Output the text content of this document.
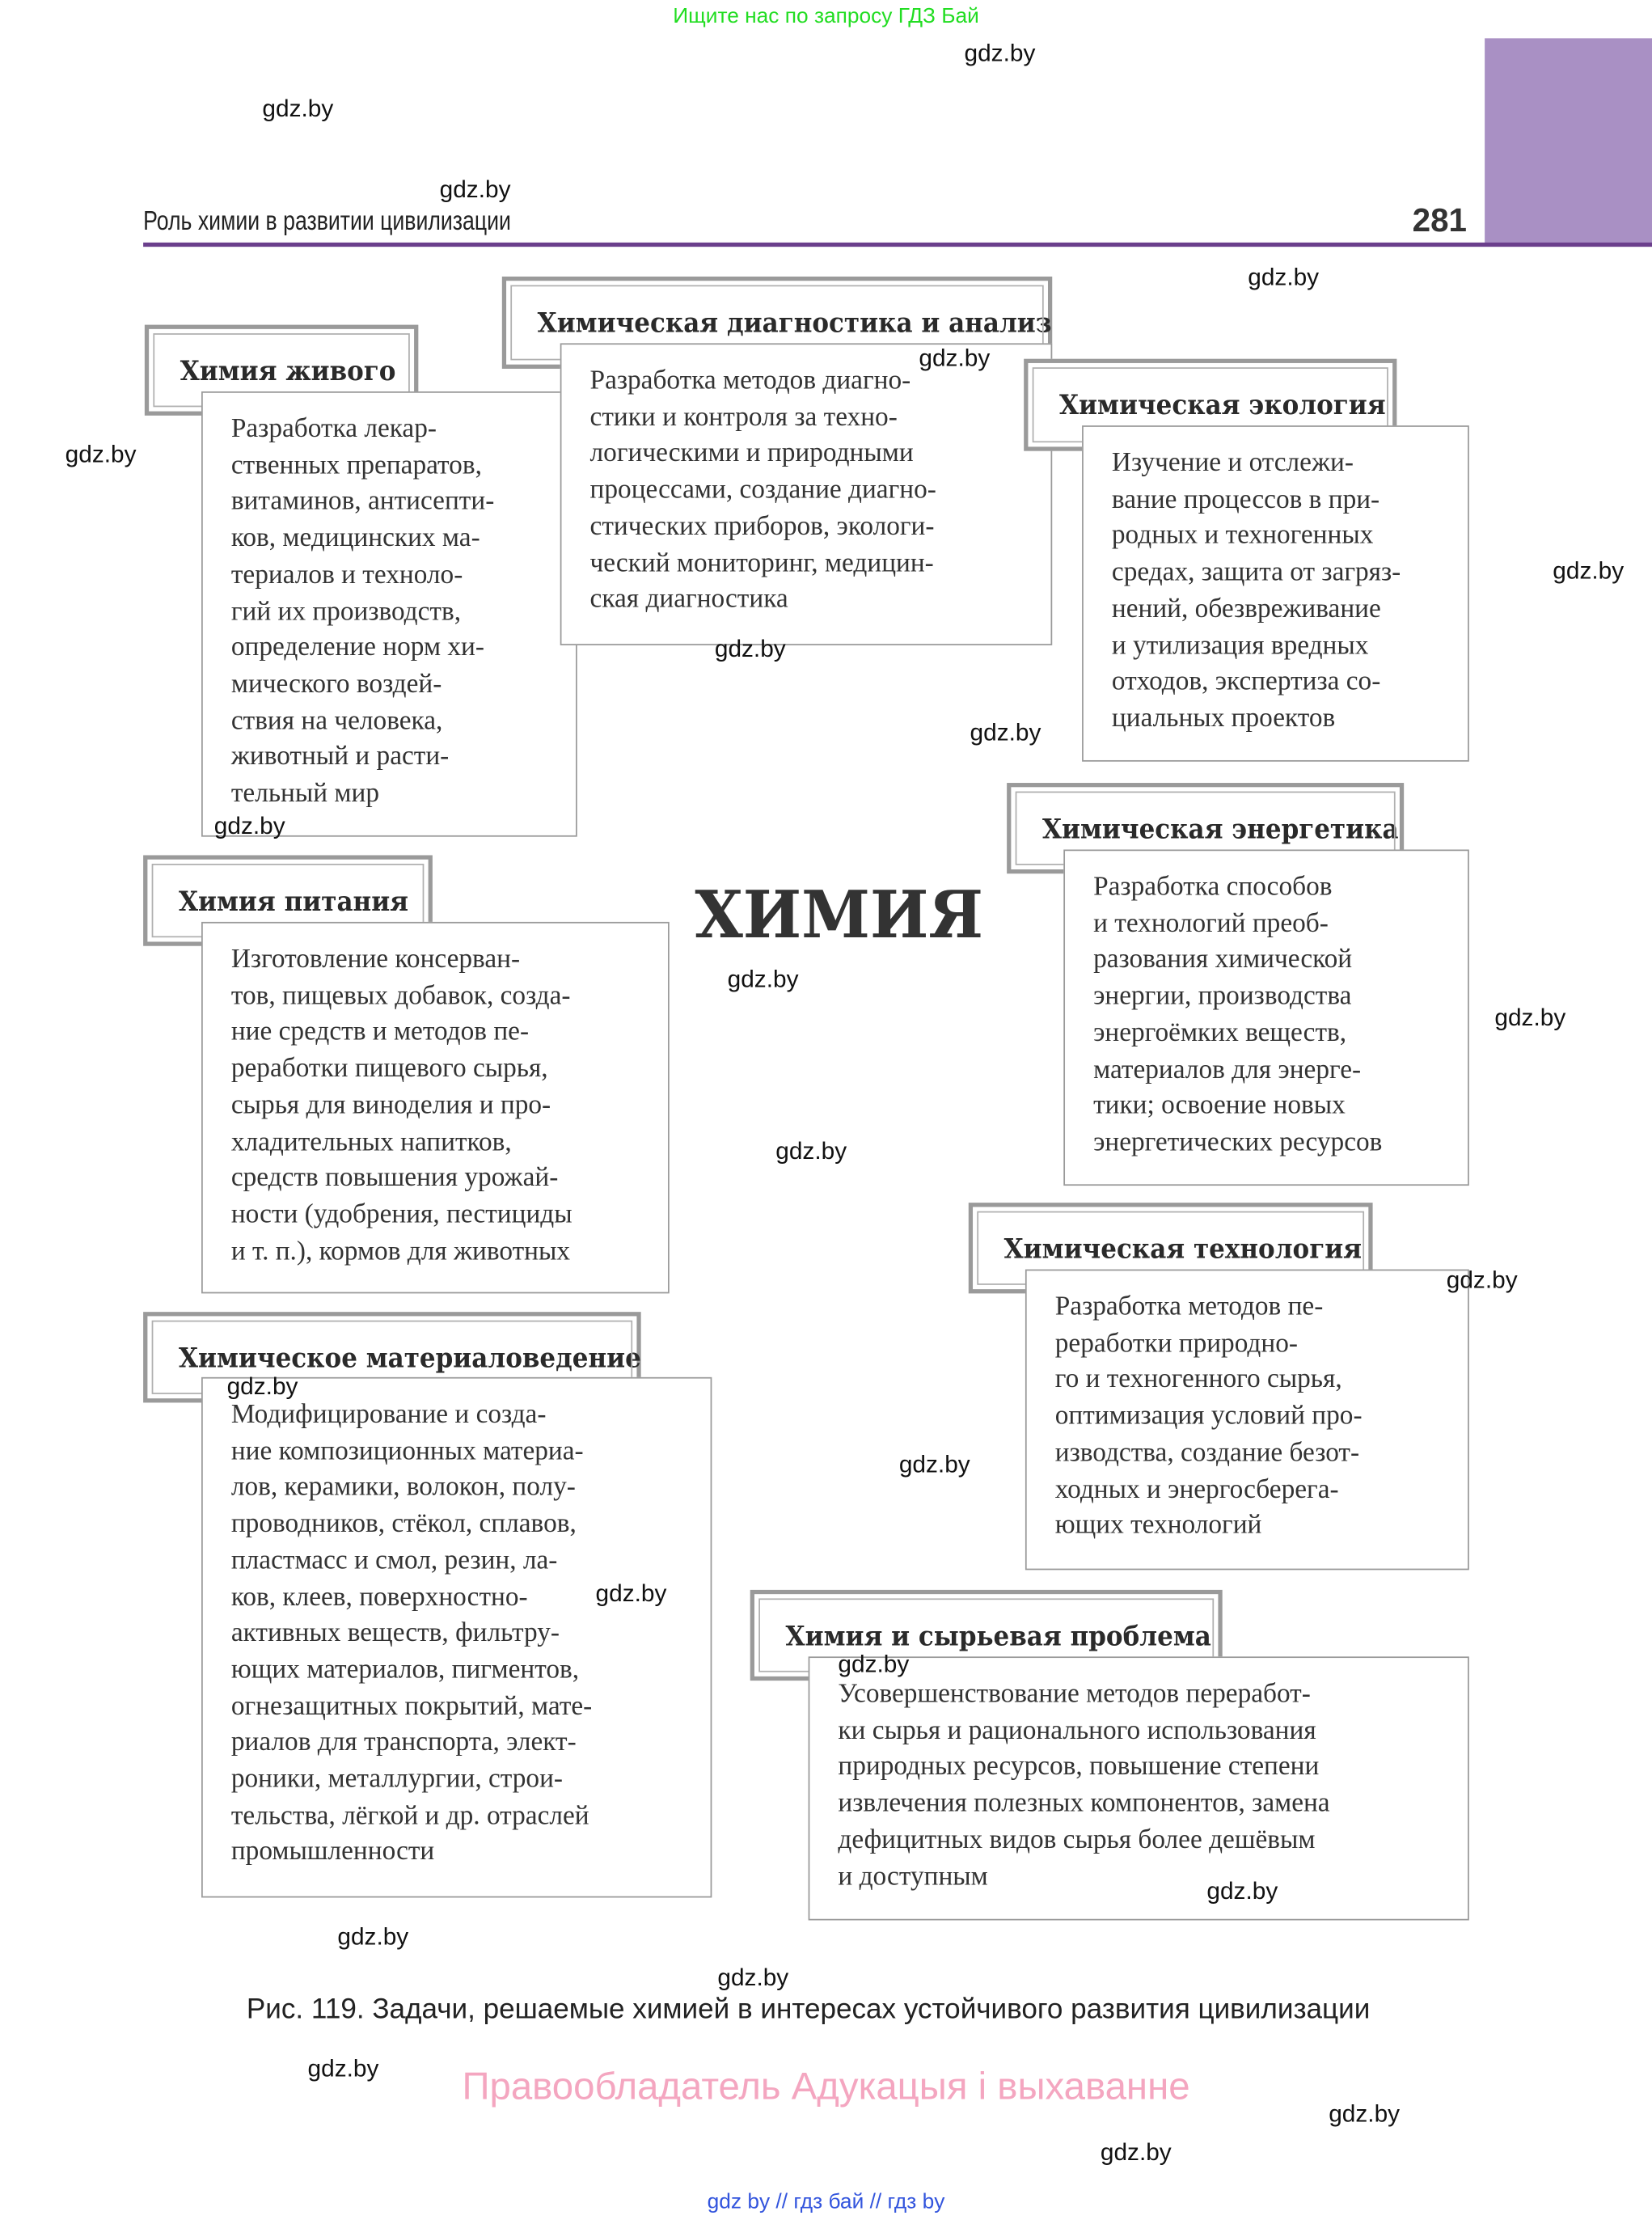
Ищите нас по запросу ГДЗ Бай
Роль химии в развитии цивилизации	281
Химия живого
Разработка лекар-
ственных препаратов,
витаминов, антисепти-
ков, медицинских ма-
териалов и техноло-
гий их производств,
определение норм хи-
мического воздей-
ствия на человека,
животный и расти-
тельный мир
Химическая диагностика и анализ
Разработка методов диагно-
стики и контроля за техно-
логическими и природными
процессами, создание диагно-
стических приборов, экологи-
ческий мониторинг, медицин-
ская диагностика
Химическая экология
Изучение и отслежи-
вание процессов в при-
родных и техногенных
средах, защита от загряз-
нений, обезвреживание
и утилизация вредных
отходов, экспертиза со-
циальных проектов
Химическая энергетика
Разработка способов
и технологий преоб-
разования химической
энергии, производства
энергоёмких веществ,
материалов для энерге-
тики; освоение новых
энергетических ресурсов
Химическая технология
Разработка методов пе-
реработки природно-
го и техногенного сырья,
оптимизация условий про-
изводства, создание безот-
ходных и энергосберега-
ющих технологий
Химия и сырьевая проблема
Усовершенствование методов переработ-
ки сырья и рационального использования
природных ресурсов, повышение степени
извлечения полезных компонентов, замена
дефицитных видов сырья более дешёвым
и доступным
Химическое материаловедение
Модифицирование и созда-
ние композиционных материа-
лов, керамики, волокон, полу-
проводников, стёкол, сплавов,
пластмасс и смол, резин, ла-
ков, клеев, поверхностно-
активных веществ, фильтру-
ющих материалов, пигментов,
огнезащитных покрытий, мате-
риалов для транспорта, элект-
роники, металлургии, строи-
тельства, лёгкой и др. отраслей
промышленности
Химия питания
Изготовление консерван-
тов, пищевых добавок, созда-
ние средств и методов пе-
реработки пищевого сырья,
сырья для виноделия и про-
хладительных напитков,
средств повышения урожай-
ности (удобрения, пестициды
и т. п.), кормов для животных
ХИМИЯ
Рис. 119. Задачи, решаемые химией в интересах устойчивого развития цивилизации
Правообладатель Адукацыя і выхаванне
gdz by // гдз бай // гдз by
gdz.by
gdz.by
gdz.by
gdz.by
gdz.by
gdz.by
gdz.by
gdz.by
gdz.by
gdz.by
gdz.by
gdz.by
gdz.by
gdz.by
gdz.by
gdz.by
gdz.by
gdz.by
gdz.by
gdz.by
gdz.by
gdz.by
gdz.by
gdz.by
